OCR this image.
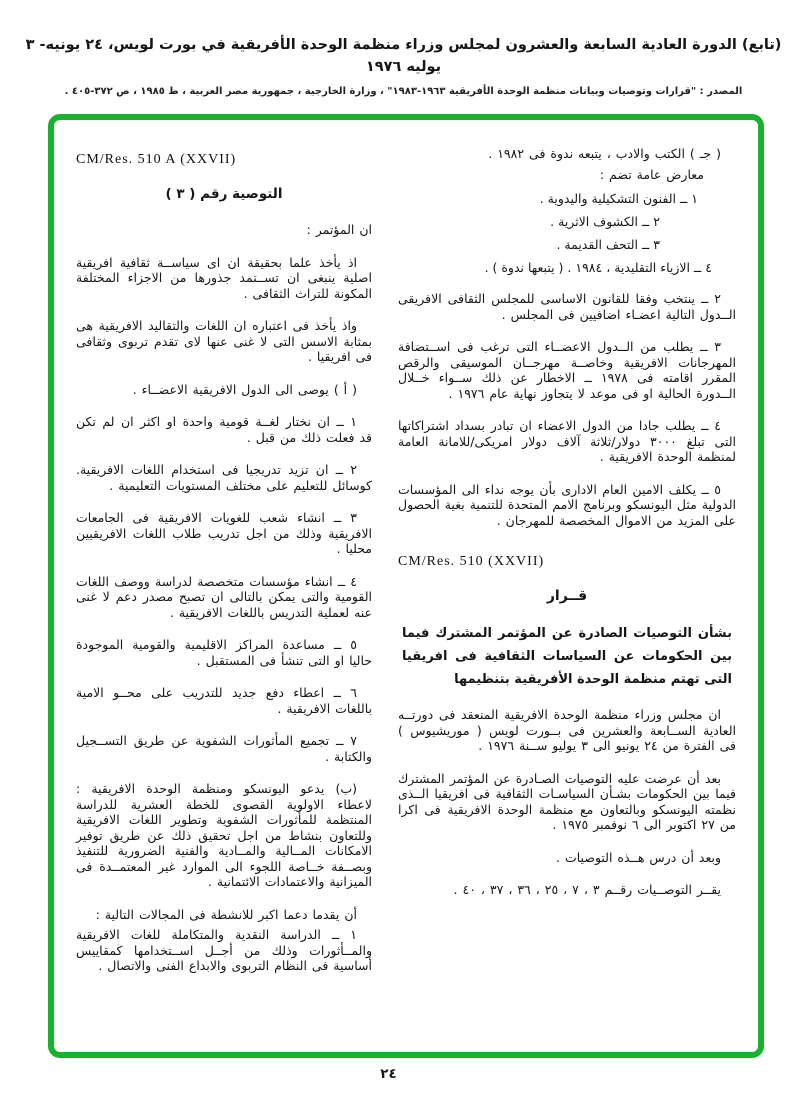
(تابع) الدورة العادية السابعة والعشرون لمجلس وزراء منظمة الوحدة الأفريقية في بورت لويس، ٢٤ يونيه- ٣ يوليه ١٩٧٦
المصدر : "قرارات وتوصيات وبيانات منظمة الوحدة الأفريقية ١٩٦٣-١٩٨٣" ، وزارة الخارجية ، جمهورية مصر العربية ، ط ١٩٨٥ ، ص ٣٧٢-٤٠٥ .

( جـ ) الكتب والادب ، يتبعه ندوة فى ١٩٨٢ .

معارض عامة تضم :

١ ــ الفنون التشكيلية واليدوية .

٢ ــ الكشوف الاثرية .

٣ ــ التحف القديمة .

٤ ــ الازياء التقليدية ، ١٩٨٤ . ( يتبعها ندوة ) .

٢ ــ ينتخب وفقا للقانون الاساسى للمجلس الثقافى الافريقى الــدول التالية اعضـاء اضافيين فى المجلس .

٣ ــ يطلب من الــدول الاعضــاء التى ترغب فى اســتضافة المهرجانات الافريقية وخاصــة مهرجــان الموسيقى والرقص المقرر اقامته فى ١٩٧٨ ــ الاخطار عن ذلك ســواء خــلال الــدورة الحالية او فى موعد لا يتجاوز نهاية عام ١٩٧٦ .

٤ ــ يطلب جادا من الدول الاعضاء ان تبادر بسداد اشتراكاتها التى تبلغ ٣٠٠٠ دولار/ثلاثة آلاف دولار امريكى/للامانة العامة لمنظمة الوحدة الافريقية .

٥ ــ يكلف الامين العام الادارى بأن يوجه نداء الى المؤسسات الدولية مثل اليونسكو وبرنامج الامم المتحدة للتنمية بغية الحصول على المزيد من الاموال المخصصة للمهرجان .

CM/Res. 510 (XXVII)

قــرار

بشأن التوصيات الصادرة عن المؤتمر المشترك فيما بين الحكومات عن السياسات الثقافية فى افريقيا التى تهتم منظمة الوحدة الأفريقية بتنظيمها

ان مجلس وزراء منظمة الوحدة الافريقية المنعقد فى دورتــه العادية الســابعة والعشرين فى بــورت لويس ( موريشيوس ) فى الفترة من ٢٤ يونيو الى ٣ يوليو ســنة ١٩٧٦ .

بعد أن عرضت عليه التوصيات الصـادرة عن المؤتمر المشترك فيما بين الحكومات بشـأن السياسـات الثقافية فى افريقيا الــذى نظمته اليونسكو وبالتعاون مع منظمة الوحدة الافريقية فى اكرا من ٢٧ اكتوبر الى ٦ نوفمبر ١٩٧٥ .

وبعد أن درس هــذه التوصيات .

يقــر التوصــيات رقــم ٣ ، ٧ ، ٢٥ ، ٣٦ ، ٣٧ ، ٤٠ .

CM/Res. 510 A (XXVII)

التوصية رقم ( ٣ )

ان المؤتمر :

اذ يأخذ علما بحقيقة ان اى سياســة ثقافية افريقية اصلية ينبغى ان تســتمد جذورها من الاجزاء المختلفة المكونة للتراث الثقافى .

واذ يأخذ فى اعتباره ان اللغات والتقاليد الافريقية هى بمثابة الاسس التى لا غنى عنها لاى تقدم تربوى وثقافى فى افريقيا .

( أ ) يوصى الى الدول الافريقية الاعضــاء .

١ ــ ان نختار لغــة قومية واحدة او اكثر ان لم تكن قد فعلت ذلك من قبل .

٢ ــ ان تزيد تدريجيا فى استخدام اللغات الافريقية. كوسائل للتعليم على مختلف المستويات التعليمية .

٣ ــ انشاء شعب للغويات الافريقية فى الجامعات الافريقية وذلك من اجل تدريب طلاب اللغات الافريقيين محليا .

٤ ــ انشاء مؤسسات متخصصة لدراسة ووصف اللغات القومية والتى يمكن بالتالى ان تصبح مصدر دعم لا غنى عنه لعملية التدريس باللغات الافريقية .

٥ ــ مساعدة المراكز الاقليمية والقومية الموجودة حاليا او التى تنشأ فى المستقبل .

٦ ــ اعطاء دفع جديد للتدريب على محــو الامية باللغات الافريقية .

٧ ــ تجميع المأثورات الشفوية عن طريق التســجيل والكتابة .

(ب) يدعو اليونسكو ومنظمة الوحدة الافريقية : لاعطاء الاولوية القصوى للخطة العشرية للدراسة المنتظمة للمأثورات الشفوية وتطوير اللغات الافريقية وللتعاون بنشاط من اجل تحقيق ذلك عن طريق توفير الامكانات المــالية والمــادية والفنية الضرورية للتنفيذ وبصــفة خــاصة اللجوء الى الموارد غير المعتمــدة فى الميزانية والاعتمادات الائتمانية .

أن يقدما دعما اكبر للانشطة فى المجالات التالية :

١ ــ الدراسة النقدية والمتكاملة للغات الافريقية والمــأثورات وذلك من أجــل اســتخدامها كمقاييس أساسية فى النظام التربوى والابداع الفنى والاتصال .

٢٤
